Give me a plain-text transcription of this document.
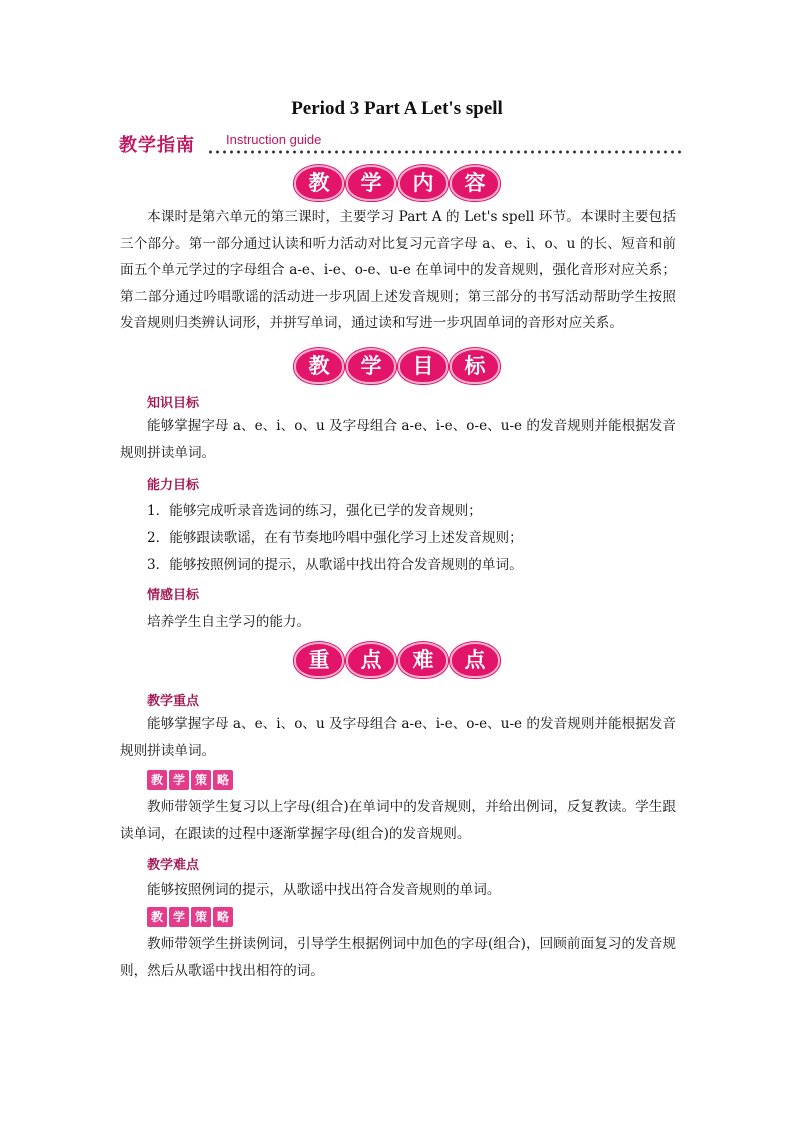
Period 3 Part A Let's spell
教学指南 Instruction guide
教	学	内	容
本课时是第六单元的第三课时，主要学习 Part A 的 Let's spell 环节。本课时主要包括三个部分。第一部分通过认读和听力活动对比复习元音字母 a、e、i、o、u 的长、短音和前面五个单元学过的字母组合 a-e、i-e、o-e、u-e 在单词中的发音规则，强化音形对应关系；第二部分通过吟唱歌谣的活动进一步巩固上述发音规则；第三部分的书写活动帮助学生按照发音规则归类辨认词形，并拼写单词，通过读和写进一步巩固单词的音形对应关系。
教	学	目	标
知识目标
能够掌握字母 a、e、i、o、u 及字母组合 a-e、i-e、o-e、u-e 的发音规则并能根据发音规则拼读单词。
能力目标
1．能够完成听录音选词的练习，强化已学的发音规则；
2．能够跟读歌谣，在有节奏地吟唱中强化学习上述发音规则；
3．能够按照例词的提示，从歌谣中找出符合发音规则的单词。
情感目标
培养学生自主学习的能力。
重	点	难	点
教学重点
能够掌握字母 a、e、i、o、u 及字母组合 a-e、i-e、o-e、u-e 的发音规则并能根据发音规则拼读单词。
教 学 策 略
教师带领学生复习以上字母(组合)在单词中的发音规则，并给出例词，反复教读。学生跟读单词，在跟读的过程中逐渐掌握字母(组合)的发音规则。
教学难点
能够按照例词的提示，从歌谣中找出符合发音规则的单词。
教 学 策 略
教师带领学生拼读例词，引导学生根据例词中加色的字母(组合)，回顾前面复习的发音规则，然后从歌谣中找出相符的词。
